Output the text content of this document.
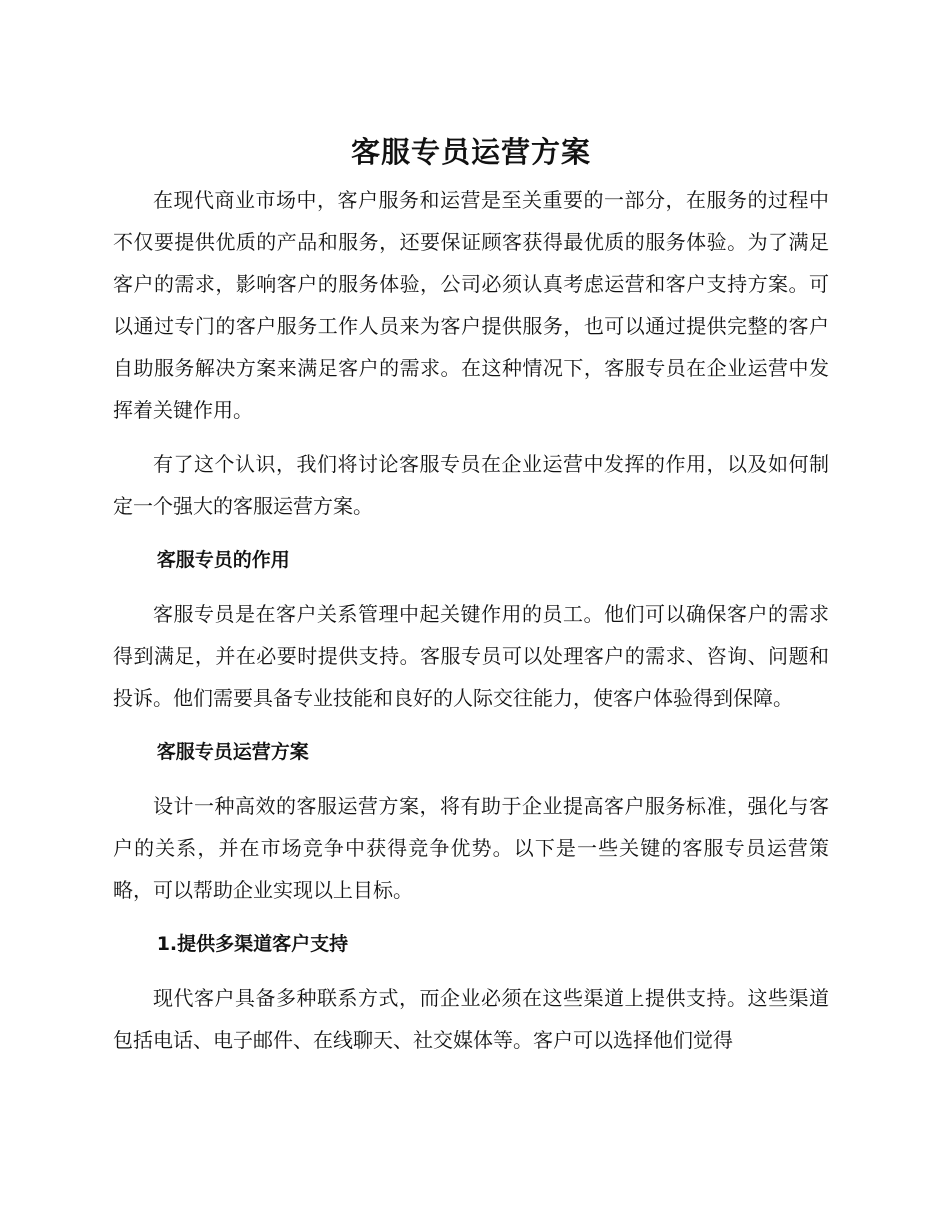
客服专员运营方案

在现代商业市场中，客户服务和运营是至关重要的一部分，在服务的过程中不仅要提供优质的产品和服务，还要保证顾客获得最优质的服务体验。为了满足客户的需求，影响客户的服务体验，公司必须认真考虑运营和客户支持方案。可以通过专门的客户服务工作人员来为客户提供服务，也可以通过提供完整的客户自助服务解决方案来满足客户的需求。在这种情况下，客服专员在企业运营中发挥着关键作用。

有了这个认识，我们将讨论客服专员在企业运营中发挥的作用，以及如何制定一个强大的客服运营方案。

客服专员的作用

客服专员是在客户关系管理中起关键作用的员工。他们可以确保客户的需求得到满足，并在必要时提供支持。客服专员可以处理客户的需求、咨询、问题和投诉。他们需要具备专业技能和良好的人际交往能力，使客户体验得到保障。

客服专员运营方案

设计一种高效的客服运营方案，将有助于企业提高客户服务标准，强化与客户的关系，并在市场竞争中获得竞争优势。以下是一些关键的客服专员运营策略，可以帮助企业实现以上目标。

1.提供多渠道客户支持

现代客户具备多种联系方式，而企业必须在这些渠道上提供支持。这些渠道包括电话、电子邮件、在线聊天、社交媒体等。客户可以选择他们觉得
